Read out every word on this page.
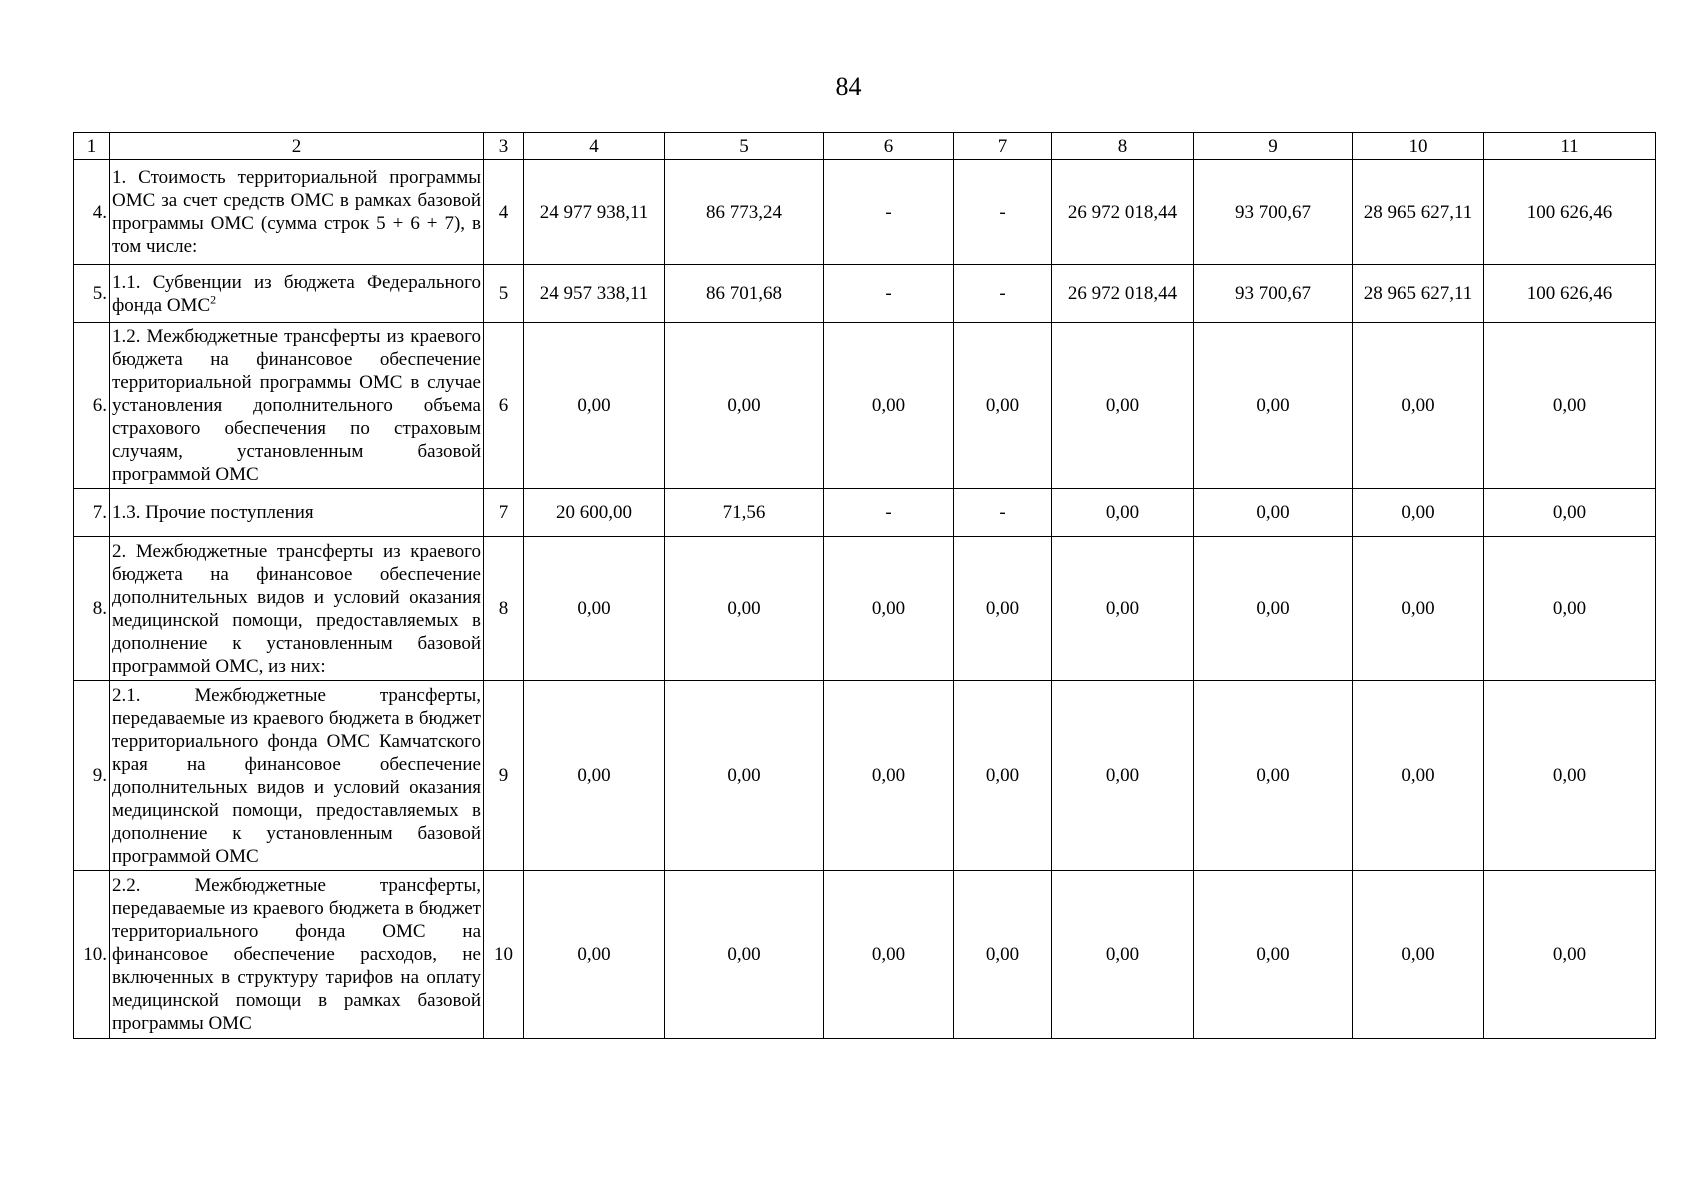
84
1	2	3	4	5	6	7	8	9	10	11
4.	1. Стоимость территориальной программы ОМС за счет средств ОМС в рамках базовой программы ОМС (сумма строк 5 + 6 + 7), в том числе:	4	24 977 938,11	86 773,24	-	-	26 972 018,44	93 700,67	28 965 627,11	100 626,46
5.	1.1. Субвенции из бюджета Федерального фонда ОМС$^2$	5	24 957 338,11	86 701,68	-	-	26 972 018,44	93 700,67	28 965 627,11	100 626,46
6.	1.2. Межбюджетные трансферты из краевого бюджета на финансовое обеспечение территориальной программы ОМС в случае установления дополнительного объема страхового обеспечения по страховым случаям, установленным базовой программой ОМС	6	0,00	0,00	0,00	0,00	0,00	0,00	0,00	0,00
7.	1.3. Прочие поступления	7	20 600,00	71,56	-	-	0,00	0,00	0,00	0,00
8.	2. Межбюджетные трансферты из краевого бюджета на финансовое обеспечение дополнительных видов и условий оказания медицинской помощи, предоставляемых в дополнение к установленным базовой программой ОМС, из них:	8	0,00	0,00	0,00	0,00	0,00	0,00	0,00	0,00
9.	2.1. Межбюджетные трансферты, передаваемые из краевого бюджета в бюджет территориального фонда ОМС Камчатского края на финансовое обеспечение дополнительных видов и условий оказания медицинской помощи, предоставляемых в дополнение к установленным базовой программой ОМС	9	0,00	0,00	0,00	0,00	0,00	0,00	0,00	0,00
10.	2.2. Межбюджетные трансферты, передаваемые из краевого бюджета в бюджет территориального фонда ОМС на финансовое обеспечение расходов, не включенных в структуру тарифов на оплату медицинской помощи в рамках базовой программы ОМС	10	0,00	0,00	0,00	0,00	0,00	0,00	0,00	0,00
